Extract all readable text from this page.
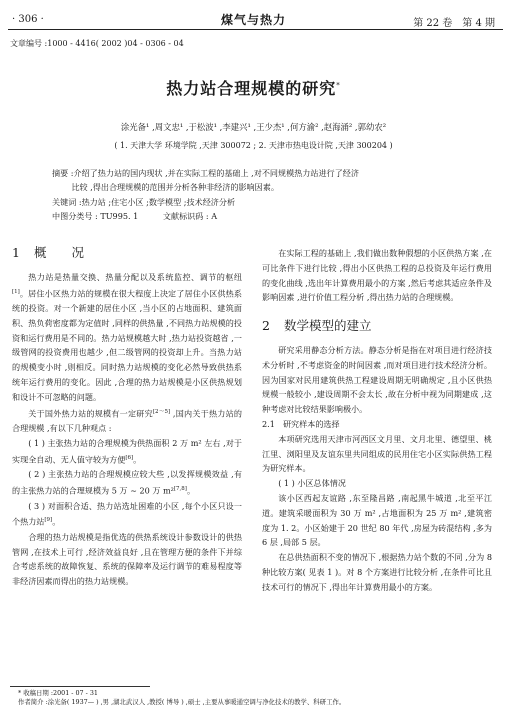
· 306 ·	煤气与热力	第 22 卷　第 4 期
文章编号 :1000 - 4416( 2002 )04 - 0306 - 04
热力站合理规模的研究*
涂光备¹ ,周文忠¹ ,于松波¹ ,李建兴¹ ,王少杰¹ ,何方渝² ,赵海涌² ,郭幼农²
( 1. 天津大学 环境学院 ,天津 300072 ; 2. 天津市热电设计院 ,天津 300204 )

摘要 :介绍了热力站的国内现状 ,并在实际工程的基础上 ,对不同规模热力站进行了经济

比较 ,得出合理规模的范围并分析各种非经济的影响因素。

关键词 :热力站 ;住宅小区 ;数学模型 ;技术经济分析

中图分类号 : TU995. 1	文献标识码 : A

1 概　　况

热力站是热量交换、热量分配以及系统监控、调节的枢纽[1]。居住小区热力站的规模在很大程度上决定了居住小区供热系统的投资。对一个新建的居住小区 ,当小区的占地面积、建筑面积、热负荷密度都为定值时 ,同样的供热量 ,不同热力站规模的投资和运行费用是不同的。热力站规模越大时 ,热力站投资越省 ,一级管网的投资费用也越少 ,但二级管网的投资却上升。当热力站的规模变小时 ,则相反。同时热力站规模的变化必然导致供热系统年运行费用的变化。因此 ,合理的热力站规模是小区供热规划和设计不可忽略的问题。

关于国外热力站的规模有一定研究[2～5] ,国内关于热力站的合理规模 ,有以下几种观点 :

( 1 ) 主张热力站的合理规模为供热面积 2 万 m² 左右 ,对于实现全自动、无人值守较为方便[6]。

( 2 ) 主张热力站的合理规模应较大些 ,以发挥规模效益 ,有的主张热力站的合理规模为 5 万 ~ 20 万 m²[7,8]。

( 3 ) 对面积合适、热力站选址困难的小区 ,每个小区只设一个热力站[9]。

合理的热力站规模是指优选的供热系统设计参数设计的供热管网 ,在技术上可行 ,经济效益良好 ,且在管理方便的条件下并综合考虑系统的故障恢复、系统的保障率及运行调节的难易程度等非经济因素而得出的热力站规模。

在实际工程的基础上 ,我们做出数种假想的小区供热方案 ,在可比条件下进行比较 ,得出小区供热工程的总投资及年运行费用的变化曲线 ,选出年计算费用最小的方案 ,然后考虑其适应条件及影响因素 ,进行价值工程分析 ,得出热力站的合理规模。

2 数学模型的建立

研究采用静态分析方法。静态分析是指在对项目进行经济技术分析时 ,不考虑资金的时间因素 ,而对项目进行技术经济分析。因为国家对民用建筑供热工程建设周期无明确规定 ,且小区供热规模一般较小 ,建设周期不会太长 ,故在分析中视为同期建成 ,这种考虑对比较结果影响极小。

2.1　研究样本的选择

本项研究选用天津市河西区文月里、文月北里、德望里、桃江里、浏阳里及友谊东里共同组成的民用住宅小区实际供热工程为研究样本。

( 1 ) 小区总体情况

该小区西起友谊路 ,东至隆昌路 ,南起黑牛城道 ,北至平江道。建筑采暖面积为 30 万 m² ,占地面积为 25 万 m² ,建筑密度为 1. 2。小区始建于 20 世纪 80 年代 ,房屋为砖混结构 ,多为 6 层 ,局部 5 层。

在总供热面积不变的情况下 ,根据热力站个数的不同 ,分为 8 种比较方案( 见表 1 )。对 8 个方案进行比较分析 ,在条件可比且技术可行的情况下 ,得出年计算费用最小的方案。

* 收稿日期 :2001 - 07 - 31
作者简介 :涂光备( 1937— ) ,男 ,湖北武汉人 ,教授( 博导 ) ,硕士 ,主要从事暖通空调与净化技术的教学、科研工作。
